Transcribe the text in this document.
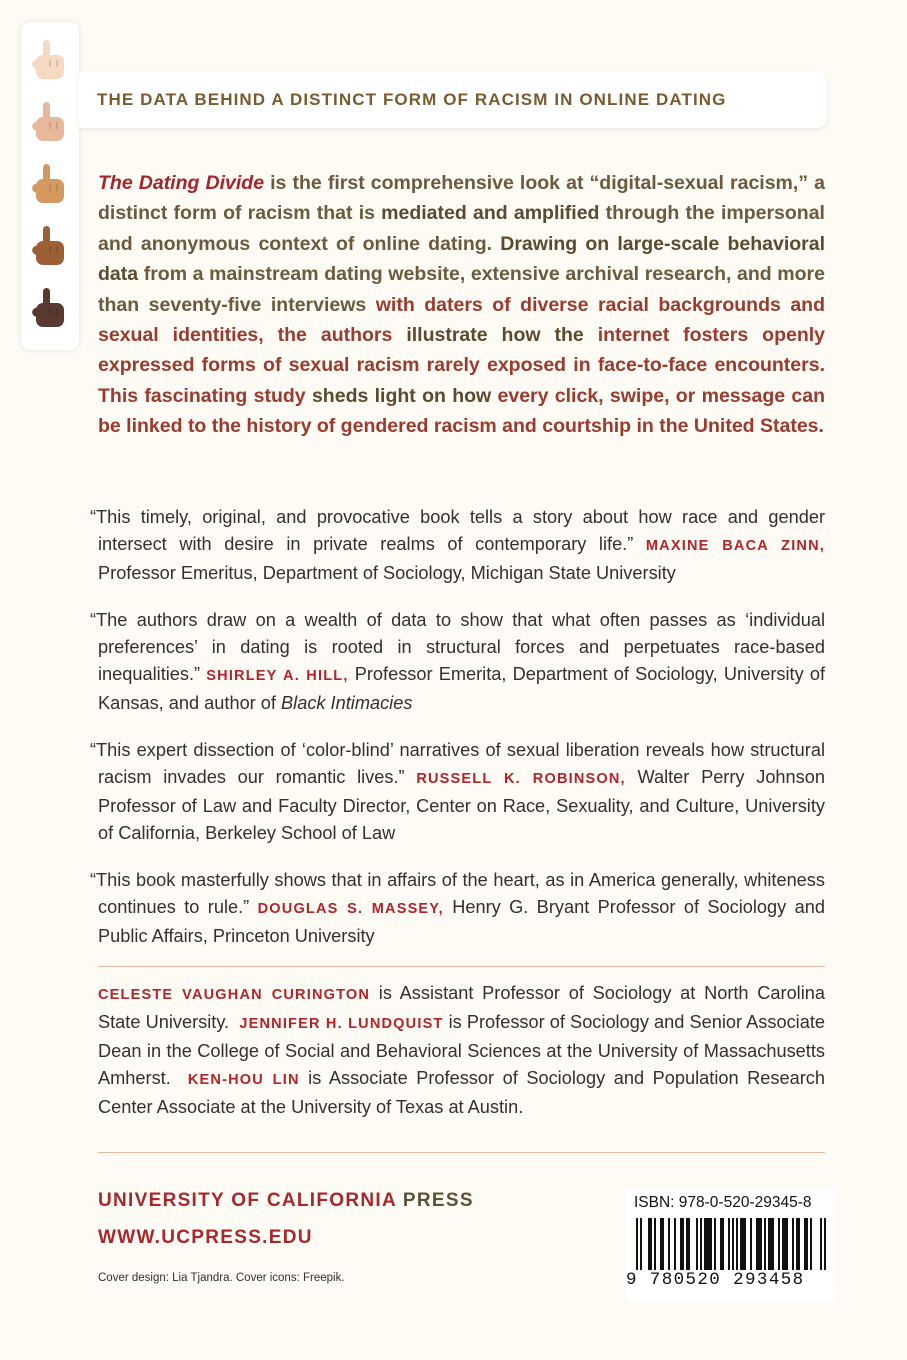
THE DATA BEHIND A DISTINCT FORM OF RACISM IN ONLINE DATING

The Dating Divide is the first comprehensive look at “digital-sexual racism,” a distinct form of racism that is mediated and amplified through the impersonal and anonymous context of online dating. Drawing on large-scale behavioral data from a mainstream dating website, extensive archival research, and more than seventy-five interviews with daters of diverse racial backgrounds and sexual identities, the authors illustrate how the internet fosters openly expressed forms of sexual racism rarely exposed in face-to-face encounters. This fascinating study sheds light on how every click, swipe, or message can be linked to the history of gendered racism and courtship in the United States.

“This timely, original, and provocative book tells a story about how race and gender intersect with desire in private realms of contemporary life.” MAXINE BACA ZINN, Professor Emeritus, Department of Sociology, Michigan State University

“The authors draw on a wealth of data to show that what often passes as ‘individual preferences’ in dating is rooted in structural forces and perpetuates race-based inequalities.” SHIRLEY A. HILL, Professor Emerita, Department of Sociology, University of Kansas, and author of Black Intimacies

“This expert dissection of ‘color-blind’ narratives of sexual liberation reveals how structural racism invades our romantic lives.” RUSSELL K. ROBINSON, Walter Perry Johnson Professor of Law and Faculty Director, Center on Race, Sexuality, and Culture, University of California, Berkeley School of Law

“This book masterfully shows that in affairs of the heart, as in America generally, whiteness continues to rule.” DOUGLAS S. MASSEY, Henry G. Bryant Professor of Sociology and Public Affairs, Princeton University

CELESTE VAUGHAN CURINGTON is Assistant Professor of Sociology at North Carolina State University. JENNIFER H. LUNDQUIST is Professor of Sociology and Senior Associate Dean in the College of Social and Behavioral Sciences at the University of Massachusetts Amherst. KEN-HOU LIN is Associate Professor of Sociology and Population Research Center Associate at the University of Texas at Austin.

UNIVERSITY OF CALIFORNIA PRESS

WWW.UCPRESS.EDU

Cover design: Lia Tjandra. Cover icons: Freepik.

ISBN: 978-0-520-29345-8

9 780520 293458
